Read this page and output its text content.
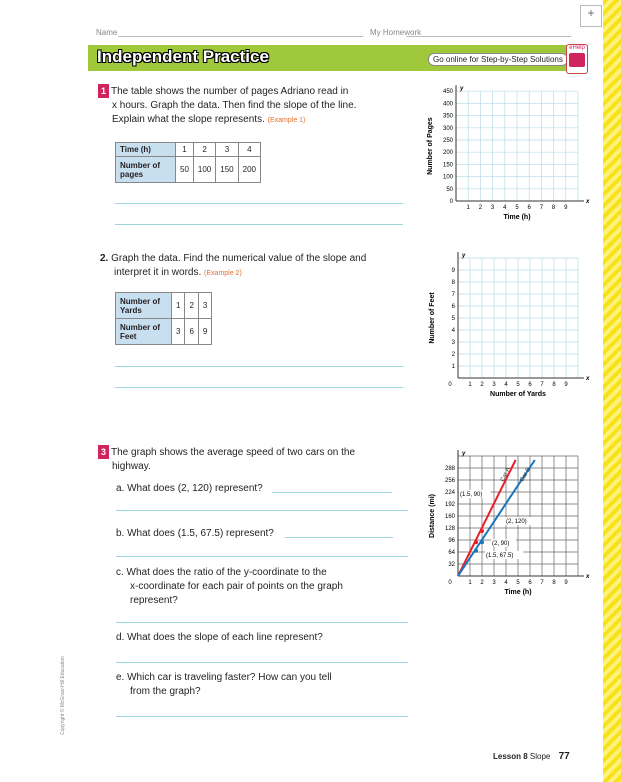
+
Name	My Homework
Independent Practice	Go online for Step-by-Step Solutions
eHelp
1 The table shows the number of pages Adriano read in
x hours. Graph the data. Then find the slope of the line.
Explain what the slope represents. (Example 1)
Time (h)	1	2	3	4
Number of pages	50	100	150	200
y
x
450
400
350
300
250
200
150
100
50
0
1 2 3 4 5 6 7 8 9
Time (h)
Number of Pages
2. Graph the data. Find the numerical value of the slope and
interpret it in words. (Example 2)
Number of Yards	1	2	3
Number of Feet	3	6	9
y
x
9
8
7
6
5
4
3
2
1
0	1 2 3 4 5 6 7 8 9
Number of Yards
Number of Feet
3 The graph shows the average speed of two cars on the
highway.
a. What does (2, 120) represent?
b. What does (1.5, 67.5) represent?
c. What does the ratio of the y-coordinate to the
x-coordinate for each pair of points on the graph
represent?
d. What does the slope of each line represent?
e. Which car is traveling faster? How can you tell
from the graph?
y
x
288
256
224
192
160
128
96
64
32
0	1 2 3 4 5 6 7 8 9
Time (h)
Distance (mi)
Car A Car B
(1.5, 90)
(2, 120)
(2, 90)
(1.5, 67.5)
Copyright © McGraw-Hill Education
Lesson 8 Slope 77
